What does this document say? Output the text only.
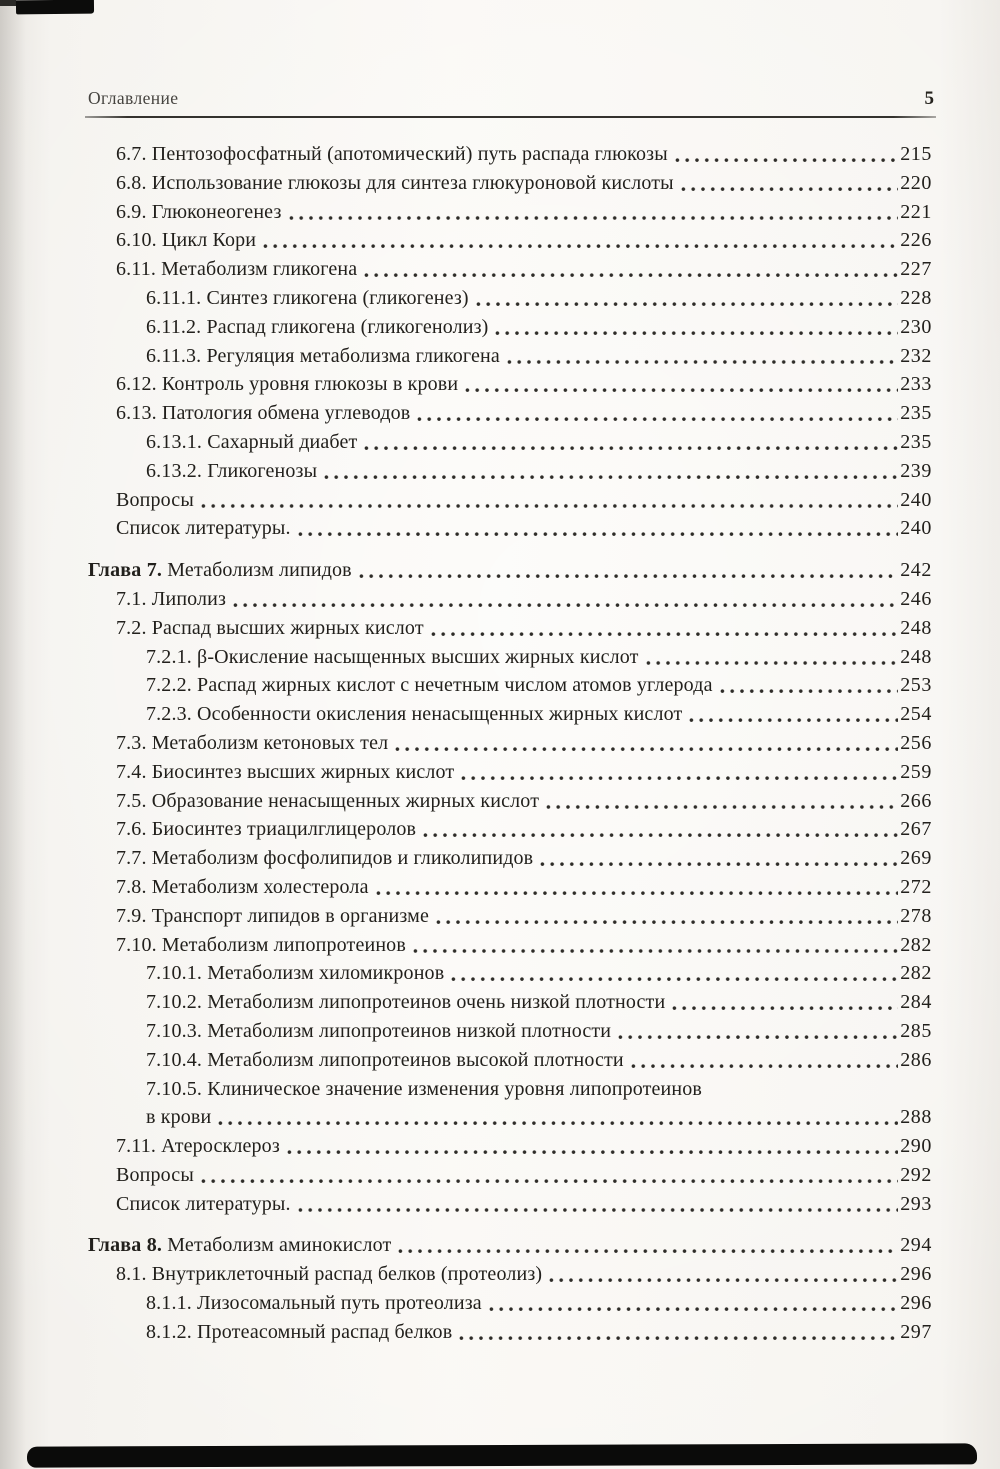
Оглавление	5
6.7. Пентозофосфатный (апотомический) путь распада глюкозы	215
6.8. Использование глюкозы для синтеза глюкуроновой кислоты	220
6.9. Глюконеогенез	221
6.10. Цикл Кори	226
6.11. Метаболизм гликогена	227
6.11.1. Синтез гликогена (гликогенез)	228
6.11.2. Распад гликогена (гликогенолиз)	230
6.11.3. Регуляция метаболизма гликогена	232
6.12. Контроль уровня глюкозы в крови	233
6.13. Патология обмена углеводов	235
6.13.1. Сахарный диабет	235
6.13.2. Гликогенозы	239
Вопросы	240
Список литературы.	240
Глава 7. Метаболизм липидов	242
7.1. Липолиз	246
7.2. Распад высших жирных кислот	248
7.2.1. β-Окисление насыщенных высших жирных кислот	248
7.2.2. Распад жирных кислот с нечетным числом атомов углерода	253
7.2.3. Особенности окисления ненасыщенных жирных кислот	254
7.3. Метаболизм кетоновых тел	256
7.4. Биосинтез высших жирных кислот	259
7.5. Образование ненасыщенных жирных кислот	266
7.6. Биосинтез триацилглицеролов	267
7.7. Метаболизм фосфолипидов и гликолипидов	269
7.8. Метаболизм холестерола	272
7.9. Транспорт липидов в организме	278
7.10. Метаболизм липопротеинов	282
7.10.1. Метаболизм хиломикронов	282
7.10.2. Метаболизм липопротеинов очень низкой плотности	284
7.10.3. Метаболизм липопротеинов низкой плотности	285
7.10.4. Метаболизм липопротеинов высокой плотности	286
7.10.5. Клиническое значение изменения уровня липопротеинов
в крови	288
7.11. Атеросклероз	290
Вопросы	292
Список литературы.	293
Глава 8. Метаболизм аминокислот	294
8.1. Внутриклеточный распад белков (протеолиз)	296
8.1.1. Лизосомальный путь протеолиза	296
8.1.2. Протеасомный распад белков	297
